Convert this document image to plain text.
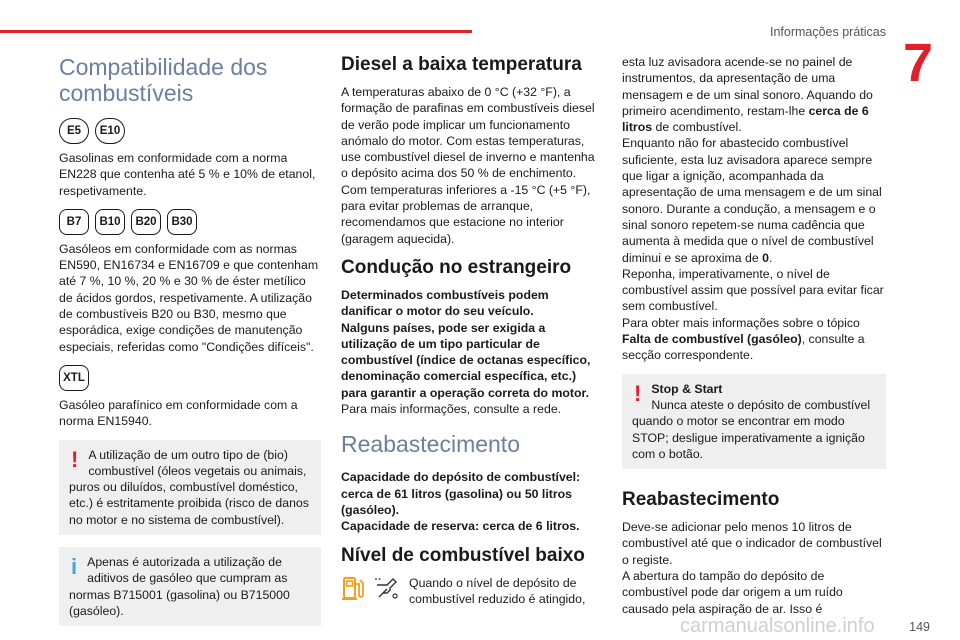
Informações práticas
7
Compatibilidade dos combustíveis
E5	E10

Gasolinas em conformidade com a norma EN228 que contenha até 5 % e 10% de etanol, respetivamente.

B7	B10	B20	B30

Gasóleos em conformidade com as normas EN590, EN16734 e EN16709 e que contenham até 7 %, 10 %, 20 % e 30 % de éster metílico de ácidos gordos, respetivamente. A utilização de combustíveis B20 ou B30, mesmo que esporádica, exige condições de manutenção especiais, referidas como "Condições difíceis".

XTL

Gasóleo parafínico em conformidade com a norma EN15940.

! A utilização de um outro tipo de (bio) combustível (óleos vegetais ou animais, puros ou diluídos, combustível doméstico, etc.) é estritamente proibida (risco de danos no motor e no sistema de combustível).
i Apenas é autorizada a utilização de aditivos de gasóleo que cumpram as normas B715001 (gasolina) ou B715000 (gasóleo).
Diesel a baixa temperatura

A temperaturas abaixo de 0 °C (+32 °F), a formação de parafinas em combustíveis diesel de verão pode implicar um funcionamento anómalo do motor. Com estas temperaturas, use combustível diesel de inverno e mantenha o depósito acima dos 50 % de enchimento.

Com temperaturas inferiores a -15 °C (+5 °F), para evitar problemas de arranque, recomendamos que estacione no interior (garagem aquecida).

Condução no estrangeiro

Determinados combustíveis podem danificar o motor do seu veículo.
Nalguns países, pode ser exigida a utilização de um tipo particular de combustível (índice de octanas específico, denominação comercial específica, etc.) para garantir a operação correta do motor.
Para mais informações, consulte a rede.

Reabastecimento

Capacidade do depósito de combustível: cerca de 61 litros (gasolina) ou 50 litros (gasóleo).
Capacidade de reserva: cerca de 6 litros.

Nível de combustível baixo
Quando o nível de depósito de combustível reduzido é atingido,

esta luz avisadora acende-se no painel de instrumentos, da apresentação de uma mensagem e de um sinal sonoro. Aquando do primeiro acendimento, restam-lhe cerca de 6 litros de combustível.
Enquanto não for abastecido combustível suficiente, esta luz avisadora aparece sempre que ligar a ignição, acompanhada da apresentação de uma mensagem e de um sinal sonoro. Durante a condução, a mensagem e o sinal sonoro repetem-se numa cadência que aumenta à medida que o nível de combustível diminui e se aproxima de 0.
Reponha, imperativamente, o nível de combustível assim que possível para evitar ficar sem combustível.
Para obter mais informações sobre o tópico Falta de combustível (gasóleo), consulte a secção correspondente.

! Stop & Start
Nunca ateste o depósito de combustível quando o motor se encontrar em modo STOP; desligue imperativamente a ignição com o botão.
Reabastecimento

Deve-se adicionar pelo menos 10 litros de combustível até que o indicador de combustível o registe.
A abertura do tampão do depósito de combustível pode dar origem a um ruído causado pela aspiração de ar. Isso é

carmanualsonline.info	149
